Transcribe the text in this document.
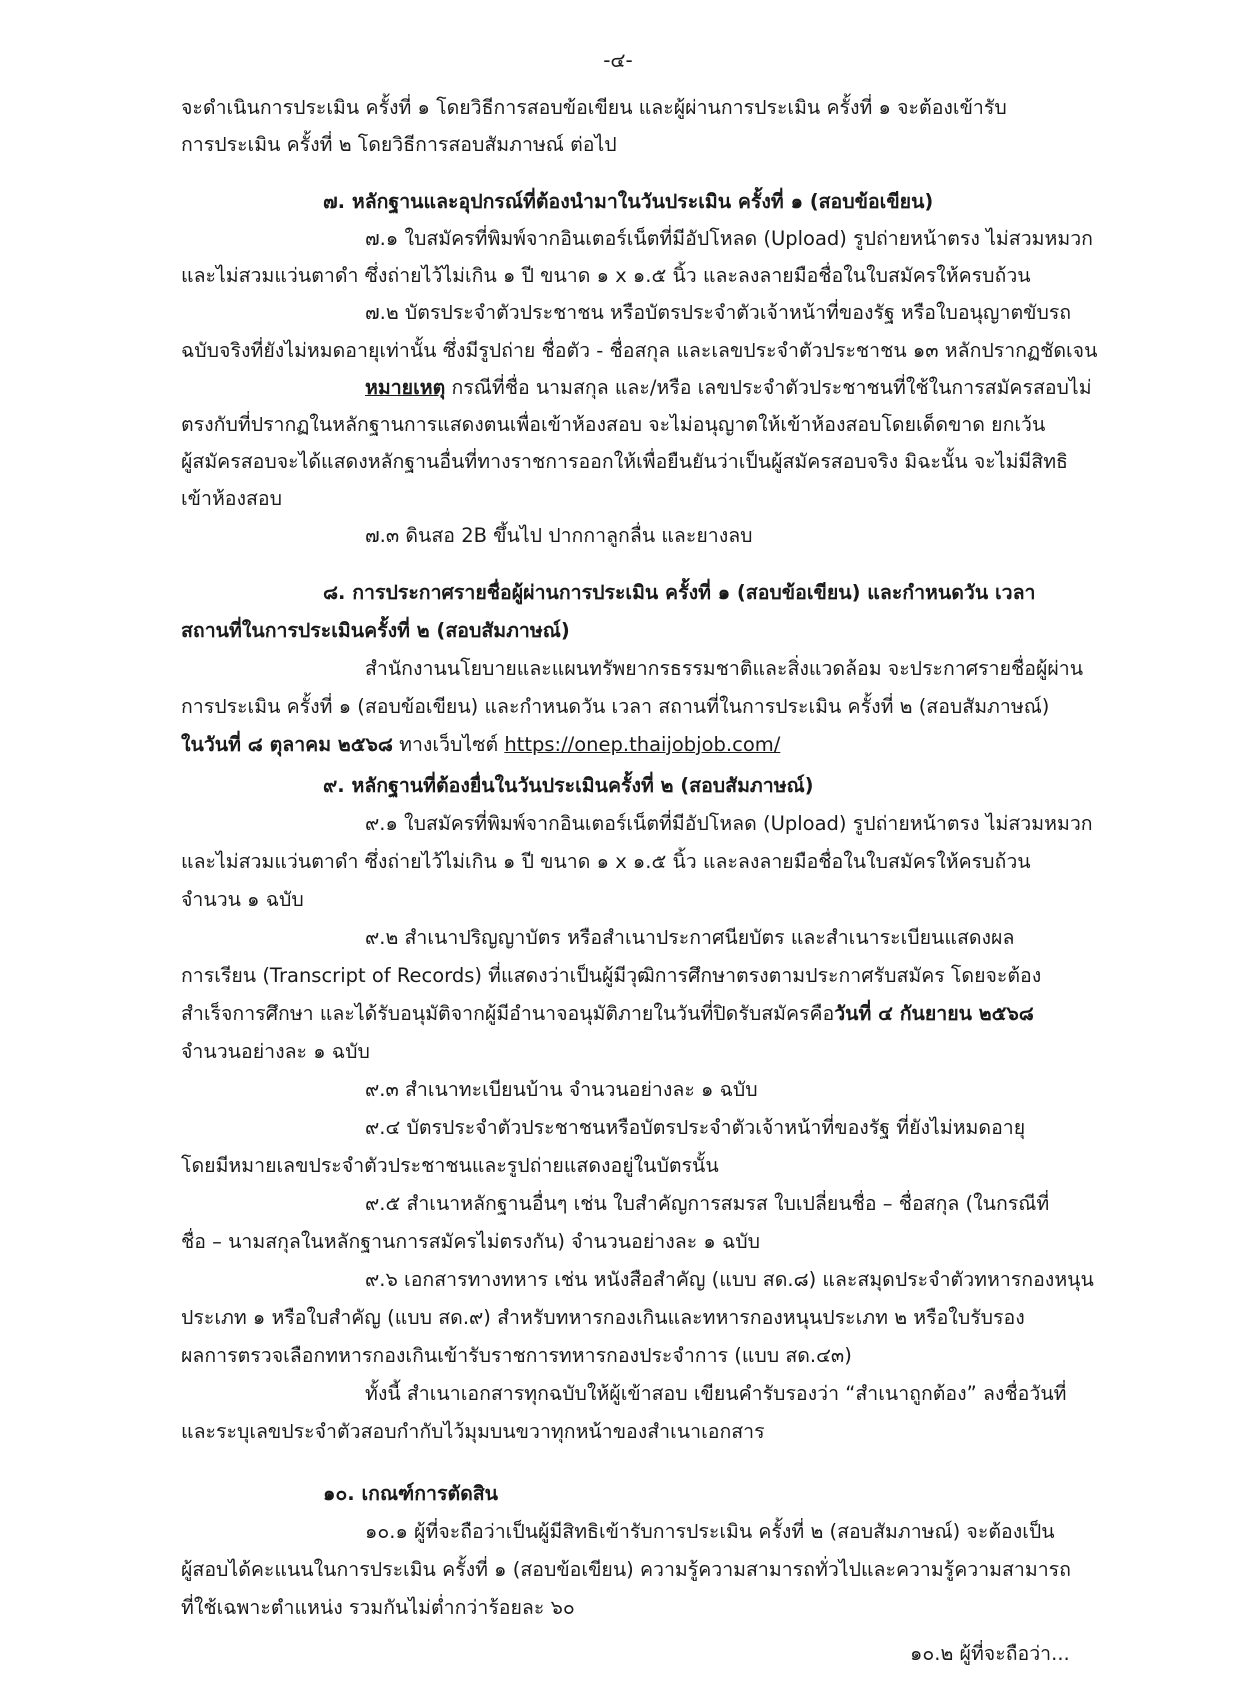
-๔-
จะดำเนินการประเมิน ครั้งที่ ๑ โดยวิธีการสอบข้อเขียน และผู้ผ่านการประเมิน ครั้งที่ ๑ จะต้องเข้ารับ
การประเมิน ครั้งที่ ๒ โดยวิธีการสอบสัมภาษณ์ ต่อไป
๗. หลักฐานและอุปกรณ์ที่ต้องนำมาในวันประเมิน ครั้งที่ ๑ (สอบข้อเขียน)
๗.๑ ใบสมัครที่พิมพ์จากอินเตอร์เน็ตที่มีอัปโหลด (Upload) รูปถ่ายหน้าตรง ไม่สวมหมวก
และไม่สวมแว่นตาดำ ซึ่งถ่ายไว้ไม่เกิน ๑ ปี ขนาด ๑ x ๑.๕ นิ้ว และลงลายมือชื่อในใบสมัครให้ครบถ้วน
๗.๒ บัตรประจำตัวประชาชน หรือบัตรประจำตัวเจ้าหน้าที่ของรัฐ หรือใบอนุญาตขับรถ
ฉบับจริงที่ยังไม่หมดอายุเท่านั้น ซึ่งมีรูปถ่าย ชื่อตัว - ชื่อสกุล และเลขประจำตัวประชาชน ๑๓ หลักปรากฏชัดเจน
หมายเหตุ กรณีที่ชื่อ นามสกุล และ/หรือ เลขประจำตัวประชาชนที่ใช้ในการสมัครสอบไม่
ตรงกับที่ปรากฏในหลักฐานการแสดงตนเพื่อเข้าห้องสอบ จะไม่อนุญาตให้เข้าห้องสอบโดยเด็ดขาด ยกเว้น
ผู้สมัครสอบจะได้แสดงหลักฐานอื่นที่ทางราชการออกให้เพื่อยืนยันว่าเป็นผู้สมัครสอบจริง มิฉะนั้น จะไม่มีสิทธิ
เข้าห้องสอบ
๗.๓ ดินสอ 2B ขึ้นไป ปากกาลูกลื่น และยางลบ
๘. การประกาศรายชื่อผู้ผ่านการประเมิน ครั้งที่ ๑ (สอบข้อเขียน) และกำหนดวัน เวลา
สถานที่ในการประเมินครั้งที่ ๒ (สอบสัมภาษณ์)
สำนักงานนโยบายและแผนทรัพยากรธรรมชาติและสิ่งแวดล้อม จะประกาศรายชื่อผู้ผ่าน
การประเมิน ครั้งที่ ๑ (สอบข้อเขียน) และกำหนดวัน เวลา สถานที่ในการประเมิน ครั้งที่ ๒ (สอบสัมภาษณ์)
ในวันที่ ๘ ตุลาคม ๒๕๖๘ ทางเว็บไซต์ https://onep.thaijobjob.com/
๙. หลักฐานที่ต้องยื่นในวันประเมินครั้งที่ ๒ (สอบสัมภาษณ์)
๙.๑ ใบสมัครที่พิมพ์จากอินเตอร์เน็ตที่มีอัปโหลด (Upload) รูปถ่ายหน้าตรง ไม่สวมหมวก
และไม่สวมแว่นตาดำ ซึ่งถ่ายไว้ไม่เกิน ๑ ปี ขนาด ๑ x ๑.๕ นิ้ว และลงลายมือชื่อในใบสมัครให้ครบถ้วน
จำนวน ๑ ฉบับ
๙.๒ สำเนาปริญญาบัตร หรือสำเนาประกาศนียบัตร และสำเนาระเบียนแสดงผล
การเรียน (Transcript of Records) ที่แสดงว่าเป็นผู้มีวุฒิการศึกษาตรงตามประกาศรับสมัคร โดยจะต้อง
สำเร็จการศึกษา และได้รับอนุมัติจากผู้มีอำนาจอนุมัติภายในวันที่ปิดรับสมัครคือวันที่ ๔ กันยายน ๒๕๖๘
จำนวนอย่างละ ๑ ฉบับ
๙.๓ สำเนาทะเบียนบ้าน จำนวนอย่างละ ๑ ฉบับ
๙.๔ บัตรประจำตัวประชาชนหรือบัตรประจำตัวเจ้าหน้าที่ของรัฐ ที่ยังไม่หมดอายุ
โดยมีหมายเลขประจำตัวประชาชนและรูปถ่ายแสดงอยู่ในบัตรนั้น
๙.๕ สำเนาหลักฐานอื่นๆ เช่น ใบสำคัญการสมรส ใบเปลี่ยนชื่อ – ชื่อสกุล (ในกรณีที่
ชื่อ – นามสกุลในหลักฐานการสมัครไม่ตรงกัน) จำนวนอย่างละ ๑ ฉบับ
๙.๖ เอกสารทางทหาร เช่น หนังสือสำคัญ (แบบ สด.๘) และสมุดประจำตัวทหารกองหนุน
ประเภท ๑ หรือใบสำคัญ (แบบ สด.๙) สำหรับทหารกองเกินและทหารกองหนุนประเภท ๒ หรือใบรับรอง
ผลการตรวจเลือกทหารกองเกินเข้ารับราชการทหารกองประจำการ (แบบ สด.๔๓)
ทั้งนี้ สำเนาเอกสารทุกฉบับให้ผู้เข้าสอบ เขียนคำรับรองว่า “สำเนาถูกต้อง” ลงชื่อวันที่
และระบุเลขประจำตัวสอบกำกับไว้มุมบนขวาทุกหน้าของสำเนาเอกสาร
๑๐. เกณฑ์การตัดสิน
๑๐.๑ ผู้ที่จะถือว่าเป็นผู้มีสิทธิเข้ารับการประเมิน ครั้งที่ ๒ (สอบสัมภาษณ์) จะต้องเป็น
ผู้สอบได้คะแนนในการประเมิน ครั้งที่ ๑ (สอบข้อเขียน) ความรู้ความสามารถทั่วไปและความรู้ความสามารถ
ที่ใช้เฉพาะตำแหน่ง รวมกันไม่ต่ำกว่าร้อยละ ๖๐
๑๐.๒ ผู้ที่จะถือว่า...
